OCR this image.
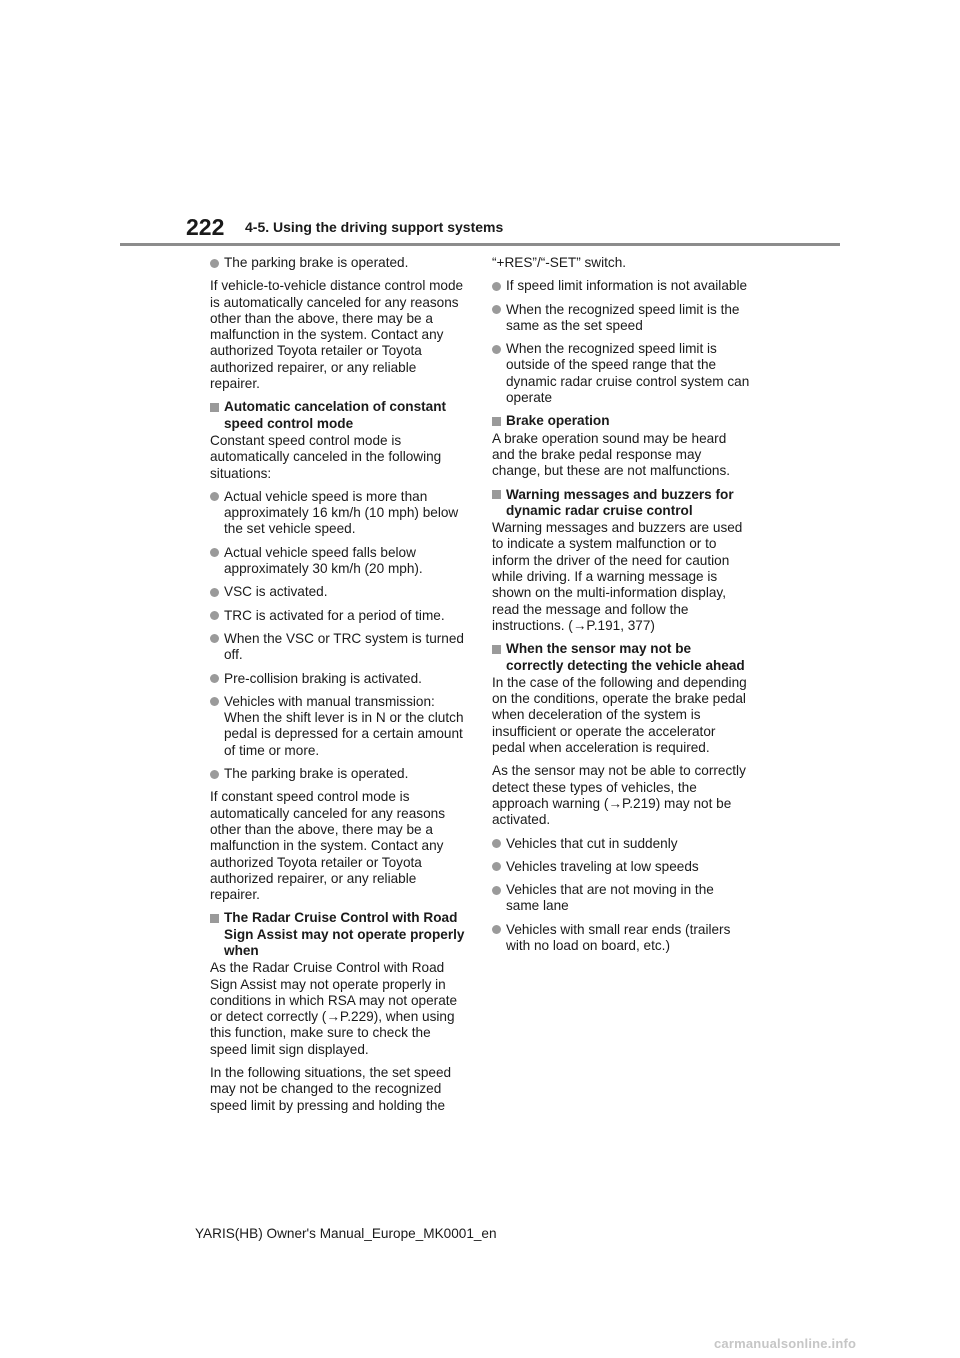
222 4-5. Using the driving support systems
The parking brake is operated.
If vehicle-to-vehicle distance control mode is automatically canceled for any reasons other than the above, there may be a malfunction in the system. Contact any authorized Toyota retailer or Toyota authorized repairer, or any reliable repairer.
Automatic cancelation of constant speed control mode
Constant speed control mode is automatically canceled in the following situations:
Actual vehicle speed is more than approximately 16 km/h (10 mph) below the set vehicle speed.
Actual vehicle speed falls below approximately 30 km/h (20 mph).
VSC is activated.
TRC is activated for a period of time.
When the VSC or TRC system is turned off.
Pre-collision braking is activated.
Vehicles with manual transmission: When the shift lever is in N or the clutch pedal is depressed for a certain amount of time or more.
The parking brake is operated.
If constant speed control mode is automatically canceled for any reasons other than the above, there may be a malfunction in the system. Contact any authorized Toyota retailer or Toyota authorized repairer, or any reliable repairer.
The Radar Cruise Control with Road Sign Assist may not operate properly when
As the Radar Cruise Control with Road Sign Assist may not operate properly in conditions in which RSA may not operate or detect correctly (→P.229), when using this function, make sure to check the speed limit sign displayed.
In the following situations, the set speed may not be changed to the recognized speed limit by pressing and holding the
“+RES”/“-SET” switch.
If speed limit information is not available
When the recognized speed limit is the same as the set speed
When the recognized speed limit is outside of the speed range that the dynamic radar cruise control system can operate
Brake operation
A brake operation sound may be heard and the brake pedal response may change, but these are not malfunctions.
Warning messages and buzzers for dynamic radar cruise control
Warning messages and buzzers are used to indicate a system malfunction or to inform the driver of the need for caution while driving. If a warning message is shown on the multi-information display, read the message and follow the instructions. (→P.191, 377)
When the sensor may not be correctly detecting the vehicle ahead
In the case of the following and depending on the conditions, operate the brake pedal when deceleration of the system is insufficient or operate the accelerator pedal when acceleration is required.
As the sensor may not be able to correctly detect these types of vehicles, the approach warning (→P.219) may not be activated.
Vehicles that cut in suddenly
Vehicles traveling at low speeds
Vehicles that are not moving in the same lane
Vehicles with small rear ends (trailers with no load on board, etc.)
YARIS(HB) Owner's Manual_Europe_MK0001_en
carmanualsonline.info
